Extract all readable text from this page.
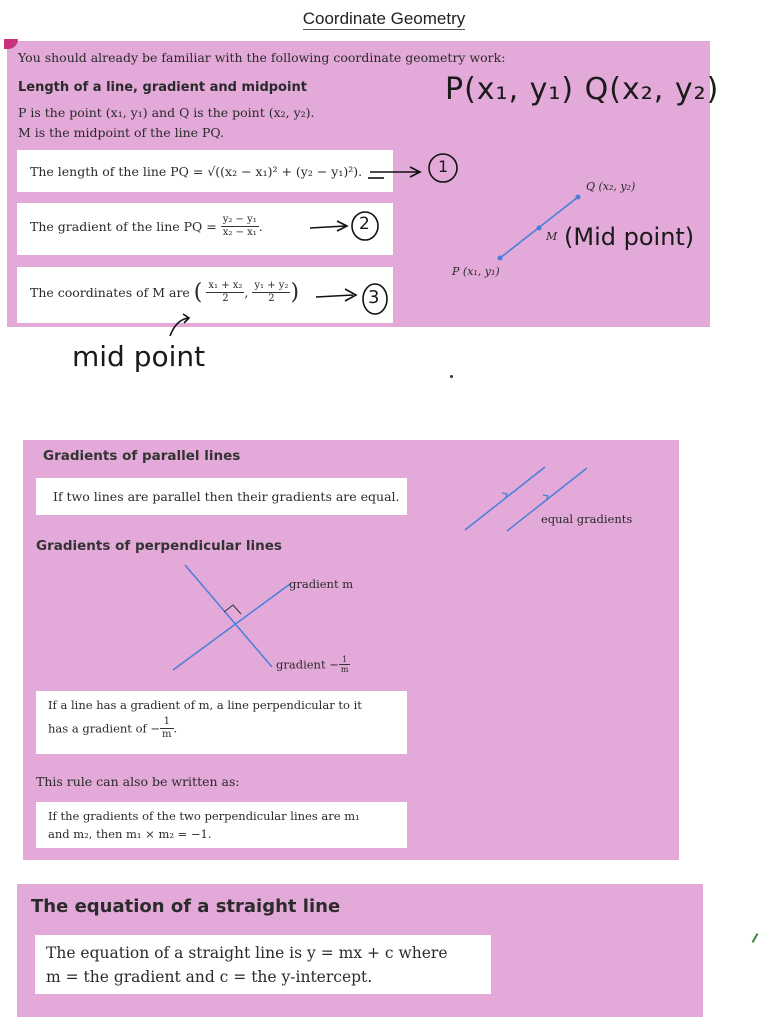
Coordinate Geometry
You should already be familiar with the following coordinate geometry work:
Length of a line, gradient and midpoint
P is the point (x₁, y₁) and Q is the point (x₂, y₂).
M is the midpoint of the line PQ.
The length of the line PQ = √((x₂ − x₁)² + (y₂ − y₁)²).
The gradient of the line PQ = $\frac{\text{y₂ − y₁}}{\text{x₂ − x₁}}$ .
The coordinates of M are ( $\frac{\text{x₁ + x₂}}{2}$ , $\frac{\text{y₁ + y₂}}{2}$ )
1
2
3
P(x₁, y₁) Q(x₂, y₂)
Q (x₂, y₂)
M
P (x₁, y₁)
(Mid point)
mid point
Gradients of parallel lines
If two lines are parallel then their gradients are equal.
equal gradients
Gradients of perpendicular lines
gradient m
gradient − $\frac{1}{m}$
If a line has a gradient of m, a line perpendicular to it
has a gradient of − $\frac{1}{m}$ .
This rule can also be written as:
If the gradients of the two perpendicular lines are m₁
and m₂, then m₁ × m₂ = −1.
The equation of a straight line
The equation of a straight line is y = mx + c where
m = the gradient and c = the y-intercept.
